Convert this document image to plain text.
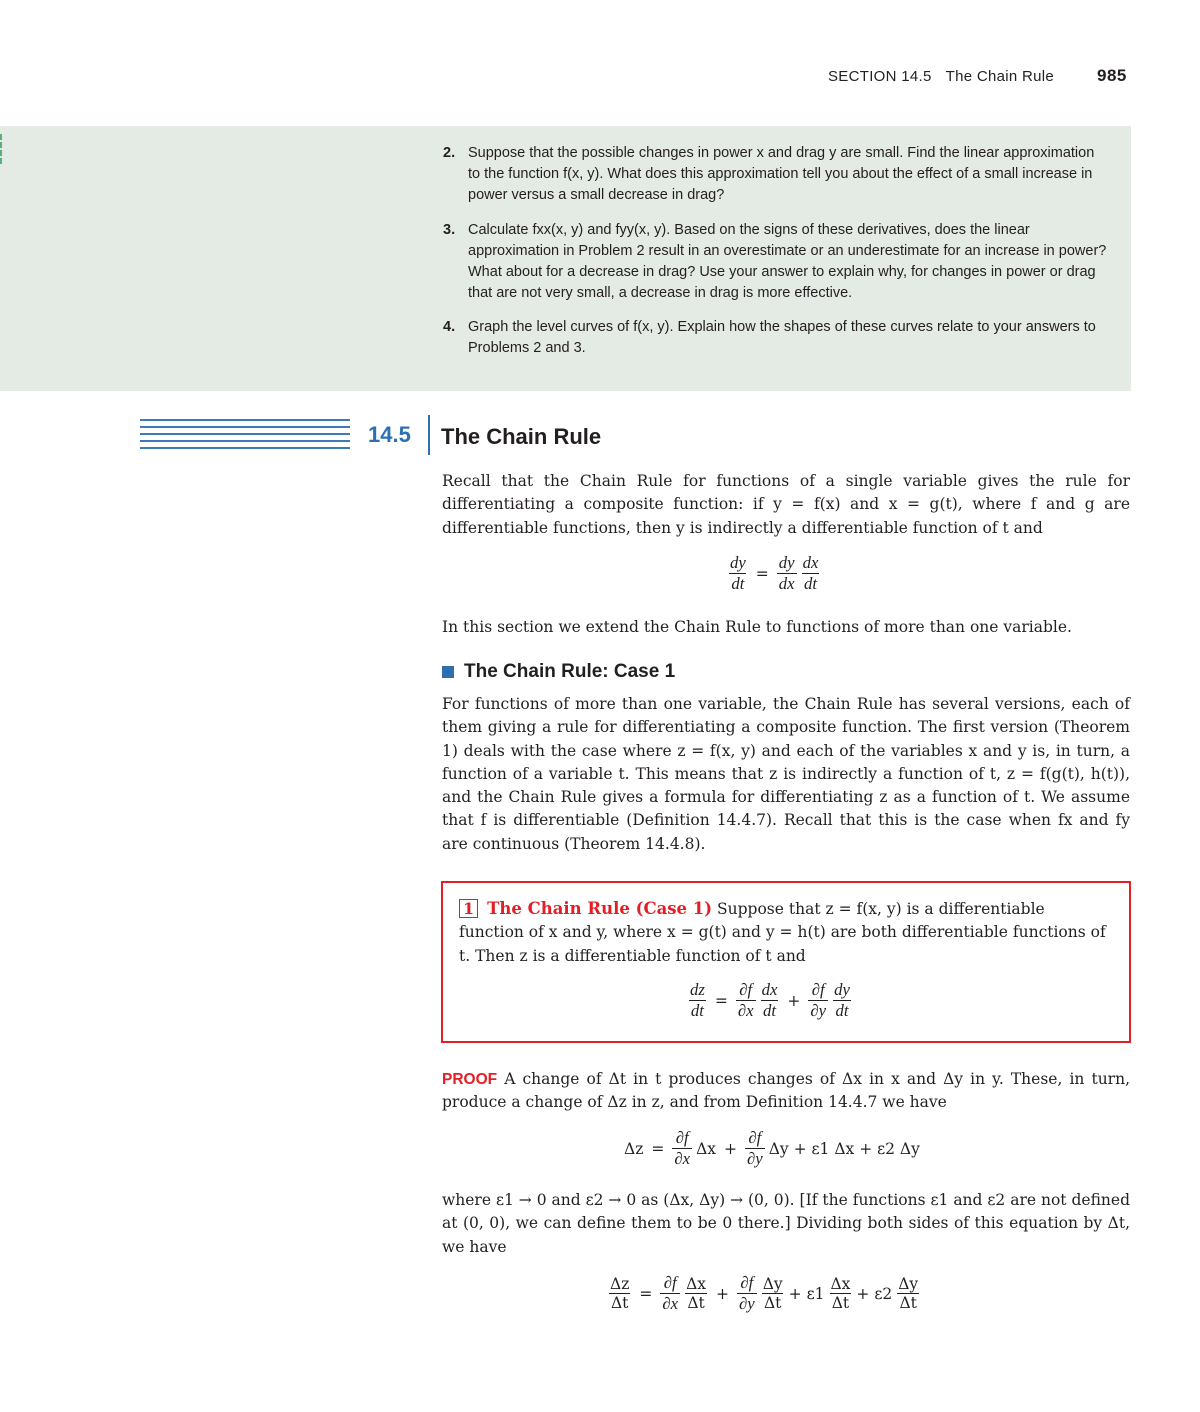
SECTION 14.5 The Chain Rule	985
2. Suppose that the possible changes in power x and drag y are small. Find the linear approximation to the function f(x, y). What does this approximation tell you about the effect of a small increase in power versus a small decrease in drag?
3. Calculate fxx(x, y) and fyy(x, y). Based on the signs of these derivatives, does the linear approximation in Problem 2 result in an overestimate or an underestimate for an increase in power? What about for a decrease in drag? Use your answer to explain why, for changes in power or drag that are not very small, a decrease in drag is more effective.
4. Graph the level curves of f(x, y). Explain how the shapes of these curves relate to your answers to Problems 2 and 3.
14.5 The Chain Rule
Recall that the Chain Rule for functions of a single variable gives the rule for differentiating a composite function: if y = f(x) and x = g(t), where f and g are differentiable functions, then y is indirectly a differentiable function of t and
$\frac{dy}{dt} = \frac{dy}{dx} \frac{dx}{dt}$
In this section we extend the Chain Rule to functions of more than one variable.
The Chain Rule: Case 1
For functions of more than one variable, the Chain Rule has several versions, each of them giving a rule for differentiating a composite function. The first version (Theorem 1) deals with the case where z = f(x, y) and each of the variables x and y is, in turn, a function of a variable t. This means that z is indirectly a function of t, z = f(g(t), h(t)), and the Chain Rule gives a formula for differentiating z as a function of t. We assume that f is differentiable (Definition 14.4.7). Recall that this is the case when fx and fy are continuous (Theorem 14.4.8).
1 The Chain Rule (Case 1) Suppose that z = f(x, y) is a differentiable function of x and y, where x = g(t) and y = h(t) are both differentiable functions of t. Then z is a differentiable function of t and
$\frac{dz}{dt} = \frac{\partial f}{\partial x} \frac{dx}{dt} + \frac{\partial f}{\partial y} \frac{dy}{dt}$
PROOF A change of Δt in t produces changes of Δx in x and Δy in y. These, in turn, produce a change of Δz in z, and from Definition 14.4.7 we have
$\Delta z = \frac{\partial f}{\partial x}$ $\Delta x + \frac{\partial f}{\partial y}$ Δy + ε1 Δx + ε2 Δy
where ε1 → 0 and ε2 → 0 as (Δx, Δy) → (0, 0). [If the functions ε1 and ε2 are not defined at (0, 0), we can define them to be 0 there.] Dividing both sides of this equation by Δt, we have
$\frac{\Delta z}{\Delta t} = \frac{\partial f}{\partial x} \frac{\Delta x}{\Delta t} + \frac{\partial f}{\partial y} \frac{\Delta y}{\Delta t} + \varepsilon 1 \frac{\Delta x}{\Delta t} + \varepsilon 2 \frac{\Delta y}{\Delta t}$
